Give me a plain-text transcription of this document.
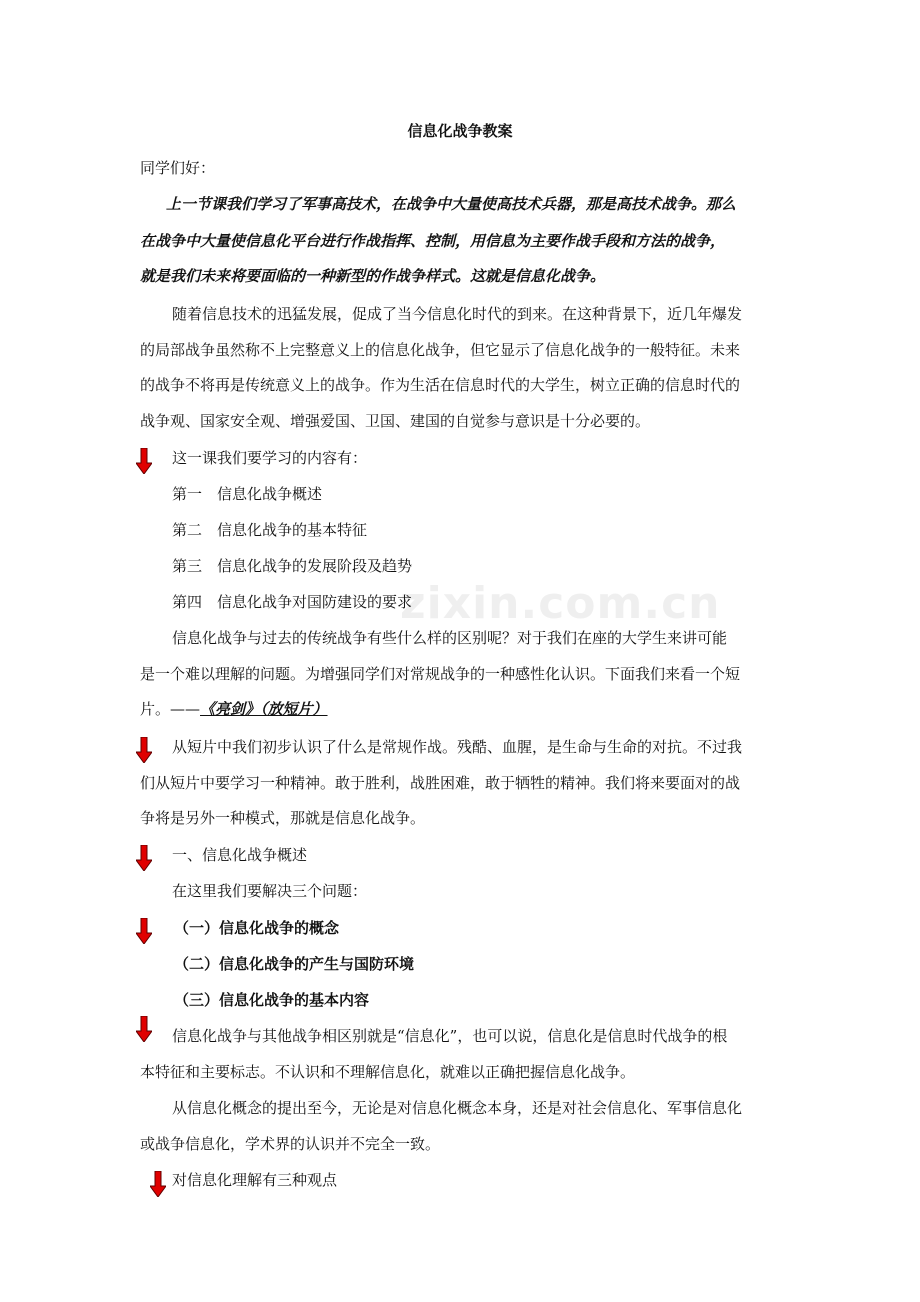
信息化战争教案
同学们好：
上一节课我们学习了军事高技术，在战争中大量使高技术兵器，那是高技术战争。那么
在战争中大量使信息化平台进行作战指挥、控制，用信息为主要作战手段和方法的战争，
就是我们未来将要面临的一种新型的作战争样式。这就是信息化战争。
随着信息技术的迅猛发展，促成了当今信息化时代的到来。在这种背景下，近几年爆发
的局部战争虽然称不上完整意义上的信息化战争，但它显示了信息化战争的一般特征。未来
的战争不将再是传统意义上的战争。作为生活在信息时代的大学生，树立正确的信息时代的
战争观、国家安全观、增强爱国、卫国、建国的自觉参与意识是十分必要的。
这一课我们要学习的内容有：
第一　信息化战争概述
第二　信息化战争的基本特征
第三　信息化战争的发展阶段及趋势
第四　信息化战争对国防建设的要求
信息化战争与过去的传统战争有些什么样的区别呢？对于我们在座的大学生来讲可能
是一个难以理解的问题。为增强同学们对常规战争的一种感性化认识。下面我们来看一个短
片。——《亮剑》（放短片）
从短片中我们初步认识了什么是常规作战。残酷、血腥，是生命与生命的对抗。不过我
们从短片中要学习一种精神。敢于胜利，战胜困难，敢于牺牲的精神。我们将来要面对的战
争将是另外一种模式，那就是信息化战争。
一、信息化战争概述
在这里我们要解决三个问题：
（一）信息化战争的概念
（二）信息化战争的产生与国防环境
（三）信息化战争的基本内容
信息化战争与其他战争相区别就是“信息化”，也可以说，信息化是信息时代战争的根
本特征和主要标志。不认识和不理解信息化，就难以正确把握信息化战争。
从信息化概念的提出至今，无论是对信息化概念本身，还是对社会信息化、军事信息化
或战争信息化，学术界的认识并不完全一致。
对信息化理解有三种观点
zixin.com.cn
